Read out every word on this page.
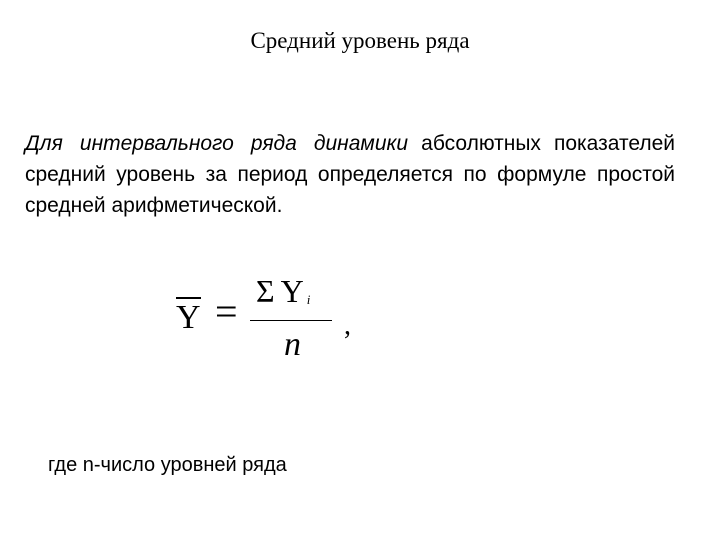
Средний уровень ряда
Для интервального ряда динамики абсолютных показателей средний уровень за период определяется по формуле простой средней арифметической.
Y = Σ Y i
n
,
где n-число уровней ряда
